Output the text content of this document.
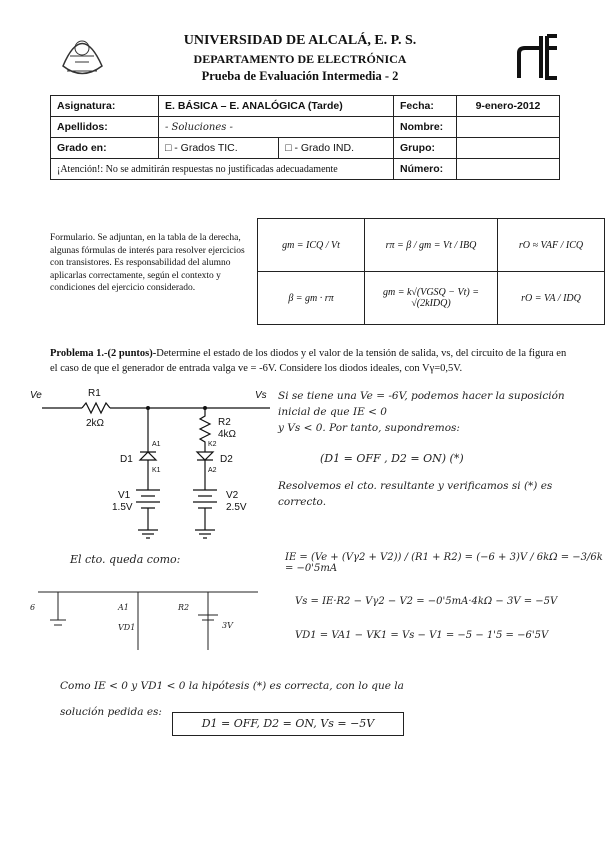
UNIVERSIDAD DE ALCALÁ, E. P. S.
DEPARTAMENTO DE ELECTRÓNICA
Prueba de Evaluación Intermedia - 2
Asignatura:	E. BÁSICA – E. ANALÓGICA (Tarde)		Fecha:	9-enero-2012
Apellidos:	- Soluciones -		Nombre:	
Grado en:	□ - Grados TIC.	□ - Grado IND.	Grupo:	
¡Atención!: No se admitirán respuestas no justificadas adecuadamente			Número:	
Formulario. Se adjuntan, en la tabla de la derecha, algunas fórmulas de interés para resolver ejercicios con transistores. Es responsabilidad del alumno aplicarlas correctamente, según el contexto y condiciones del ejercicio considerado.
gm = ICQ / Vt	rπ = β / gm = Vt / IBQ	rO ≈ VAF / ICQ
β = gm · rπ	gm = k√(VGSQ − Vt) = √(2kIDQ)	rO = VA / IDQ
Problema 1.-(2 puntos)-Determine el estado de los diodos y el valor de la tensión de salida, vs, del circuito de la figura en el caso de que el generador de entrada valga ve = -6V. Considere los diodos ideales, con Vγ=0,5V.
Ve	Vs
R1
2kΩ	R2
4kΩ
D1	D2
V1
1.5V
V2
2.5V
A1
K1
K2
A2
Si se tiene una Ve = -6V, podemos hacer la suposición inicial de que IE < 0
y Vs < 0. Por tanto, supondremos:
(D1 = OFF , D2 = ON) (*)
Resolvemos el cto. resultante y verificamos si (*) es correcto.
El cto. queda como:
6	A1	R2
3V
VD1
IE = (Ve + (Vγ2 + V2)) / (R1 + R2) = (−6 + 3)V / 6kΩ = −3/6k = −0'5mA
Vs = IE·R2 − Vγ2 − V2 = −0'5mA·4kΩ − 3V = −5V
VD1 = VA1 − VK1 = Vs − V1 = −5 − 1'5 = −6'5V
Como IE < 0 y VD1 < 0 la hipótesis (*) es correcta, con lo que la
solución pedida es:
D1 = OFF, D2 = ON, Vs = −5V
